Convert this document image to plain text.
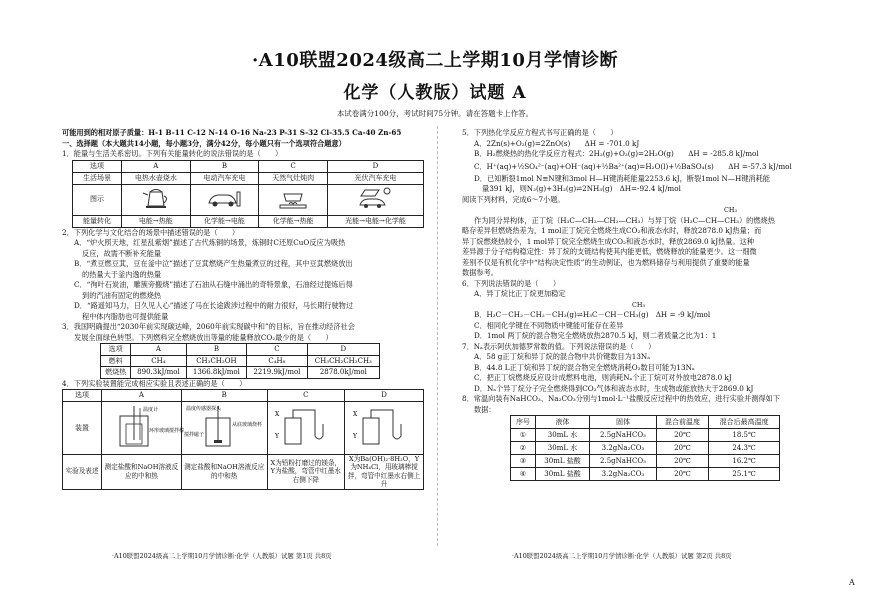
·A10联盟2024级高二上学期10月学情诊断
化学（人教版）试题 A
本试卷满分100分，考试时间75分钟。请在答题卡上作答。
可能用到的相对原子质量：H-1 B-11 C-12 N-14 O-16 Na-23 P-31 S-32 Cl-35.5 Ca-40 Zn-65
一、选择题（本大题共14小题，每小题3分，满分42分，每小题只有一个选项符合题意）
1．能量与生活关系密切。下列有关能量转化的说法错误的是（　　）
选项	A	B	C	D
生活场景	电热水壶烧水	电动汽车充电	天然气灶炖肉	光伏汽车充电
图示				
能量转化	电能→热能	化学能→电能	化学能→热能	光能→电能→化学能
2．下列化学与文化结合的场景中描述错误的是（　　）
A．“炉火照天地，红星乱紫烟”描述了古代炼铜的场景，炼铜时C还原CuO反应为吸热
反应，故需不断补充能量
B．“煮豆燃豆萁，豆在釜中泣”描述了豆萁燃烧产生热量煮豆的过程，其中豆萁燃烧放出
的热量大于釜内逸的热量
C．“徇叶石炭油，雕簇旁搬烧”描述了石油从石缝中涌出的奇特景象，石油经过提炼后得
到的汽油有固定的燃烧热
D．“路遥知马力，日久见人心”描述了马在长途跋涉过程中的耐力很好，马长期行驶物过
程中体内脂肪也可提供能量
3．我国明确提出“2030年前实现碳达峰，2060年前实现碳中和”的目标，旨在推动经济社会
发展全面绿色转型。下列燃料完全燃烧放出等量的能量释放CO₂最少的是（　　）
选项	A	B	C	D
燃料	CH₄	CH₃CH₂OH	C₄H₈	CH₃CH₂CH₂CH₃
燃烧热	890.3kJ/mol	1366.8kJ/mol	2219.9kJ/mol	2878.0kJ/mol
4．下列实验装置能完成相应实验且表述正确的是（　　）
选项	A	B	C	D
装置	温度计
环形玻璃搅拌棒	温度传感器探头
搅拌磁子
从底玻璃烧杯	X
Y	X
Y

实验及表述	测定盐酸和NaOH溶液反应的中和热	测定盐酸和NaOH溶液反应的中和热	X为铅粉打磨过的镁条，Y为盐酸，弯管中红墨水右侧下降	X为Ba(OH)₂·8H₂O，Y为NH₄Cl，用玻璃棒搅拌，弯管中红墨水右侧上升
5．下列热化学反应方程式书写正确的是（　　）
A．2Zn(s)+O₂(g)=2ZnO(s)　　ΔH = -701.0 kJ
B．H₂燃烧热的热化学反应方程式：2H₂(g)+O₂(g)=2H₂O(g)　　ΔH = -285.8 kJ/mol
C．H⁺(aq)+½SO₄²⁻(aq)+OH⁻(aq)+½Ba²⁺(aq)=H₂O(l)+½BaSO₄(s)　　ΔH =-57.3 kJ/mol
D．已知断裂1mol N≡N键和3mol H—H键消耗能量2253.6 kJ，断裂1mol N—H键消耗能
量391 kJ，则N₂(g)+3H₂(g)⇌2NH₃(g)　ΔH=-92.4 kJ/mol
阅读下列材料，完成6～7小题。
CH₃
作为同分异构体，正丁烷（H₃C—CH₂—CH₂—CH₃）与异丁烷（H₃C—CH—CH₃）的燃烧热
略存差异但燃烧热差为，1 mol正丁烷完全燃烧生成CO₂和液态水时，释放2878.0 kJ热量；而
异丁烷燃烧热较小，1 mol异丁烷完全燃烧生成CO₂和液态水时，释放2869.0 kJ热量。这种
差异源于分子结构稳定性：异丁烷的支链结构使其内能更低，燃烧释放的能量更少。这一细微
差别不仅是有机化学中“结构决定性质”的生动例证，也为燃料储存与利用提供了重要的能量
数据参考。
6．下列说法错误的是（　　）
A．异丁烷比正丁烷更加稳定
CH₃
B．H₃C－CH₂－CH₂－CH₃(g)⇌H₃C－CH－CH₃(g)　ΔH = -9 kJ/mol
C．相同化学键在不同物质中键能可能存在差异
D．1mol 两丁烷的混合物完全燃烧放热2870.5 kJ，则二者质量之比为1：1
7．Nₐ表示阿伏加德罗常数的值。下列说法错误的是（　　）
A．58 g正丁烷和异丁烷的混合物中共价键数目为13Nₐ
B．44.8 L正丁烷和异丁烷的混合物完全燃烧消耗O₂数目可能为13Nₐ
C．把正丁烷燃烧反应设计成燃料电池，则消耗Nₐ个正丁烷可对外放电2878.0 kJ
D．Nₐ个异丁烷分子完全燃烧得到CO₂气体和液态水时，生成物或能放热大于2869.0 kJ
8．常温向装有NaHCO₃、Na₂CO₃分别与1mol·L⁻¹盐酸反应过程中的热效应，进行实验并测得如下
数据：
序号	液体	固体	混合前温度	混合后最高温度
①	30mL 水	2.5gNaHCO₃	20℃	18.5℃
②	30mL 水	3.2gNa₂CO₃	20℃	24.3℃
③	30mL 盐酸	2.5gNaHCO₃	20℃	16.2℃
④	30mL 盐酸	3.2gNa₂CO₃	20℃	25.1℃
·A10联盟2024级高二上学期10月学情诊断·化学（人教版）试题 第1页 共8页	·A10联盟2024级高二上学期10月学情诊断·化学（人教版）试题 第2页 共8页
A
